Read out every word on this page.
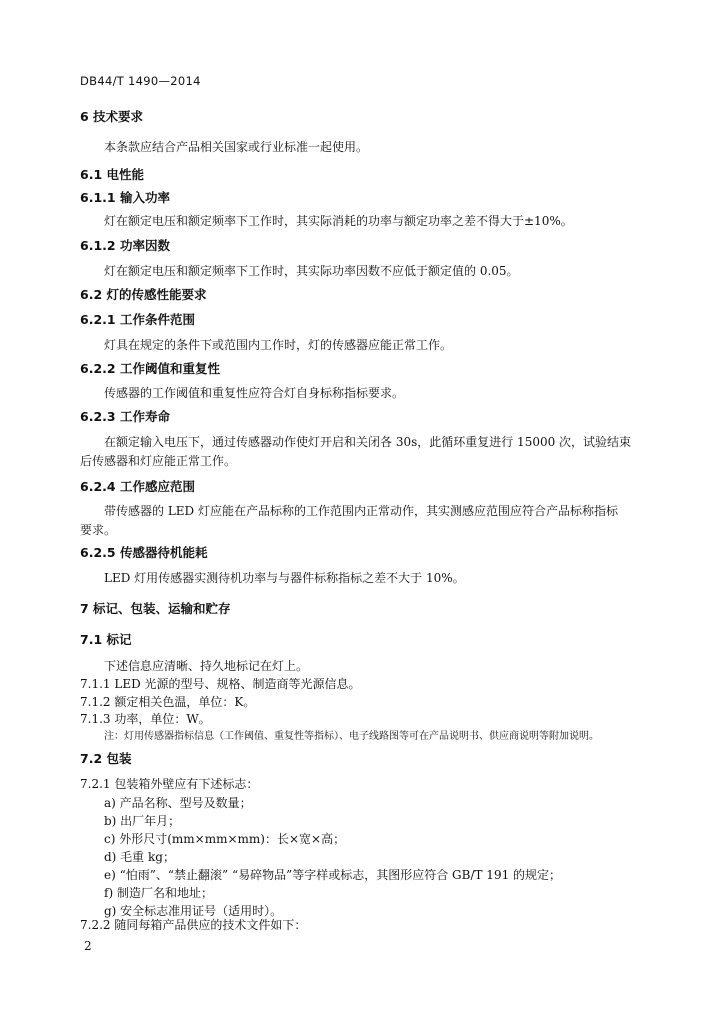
DB44/T 1490—2014
6 技术要求
本条款应结合产品相关国家或行业标准一起使用。
6.1 电性能
6.1.1 输入功率
灯在额定电压和额定频率下工作时，其实际消耗的功率与额定功率之差不得大于±10%。
6.1.2 功率因数
灯在额定电压和额定频率下工作时，其实际功率因数不应低于额定值的 0.05。
6.2 灯的传感性能要求
6.2.1 工作条件范围
灯具在规定的条件下或范围内工作时，灯的传感器应能正常工作。
6.2.2 工作阈值和重复性
传感器的工作阈值和重复性应符合灯自身标称指标要求。
6.2.3 工作寿命
在额定输入电压下，通过传感器动作使灯开启和关闭各 30s，此循环重复进行 15000 次，试验结束
后传感器和灯应能正常工作。
6.2.4 工作感应范围
带传感器的 LED 灯应能在产品标称的工作范围内正常动作，其实测感应范围应符合产品标称指标
要求。
6.2.5 传感器待机能耗
LED 灯用传感器实测待机功率与与器件标称指标之差不大于 10%。
7 标记、包装、运输和贮存
7.1 标记
下述信息应清晰、持久地标记在灯上。
7.1.1 LED 光源的型号、规格、制造商等光源信息。
7.1.2 额定相关色温，单位：K。
7.1.3 功率，单位：W。
注：灯用传感器指标信息（工作阈值、重复性等指标）、电子线路图等可在产品说明书、供应商说明等附加说明。
7.2 包装
7.2.1 包装箱外壁应有下述标志：
a) 产品名称、型号及数量；
b) 出厂年月；
c) 外形尺寸(mm×mm×mm)：长×宽×高；
d) 毛重 kg；
e) “怕雨”、“禁止翻滚” “易碎物品”等字样或标志，其图形应符合 GB/T 191 的规定；
f) 制造厂名和地址；
g) 安全标志准用证号（适用时）。
7.2.2 随同每箱产品供应的技术文件如下：
2
